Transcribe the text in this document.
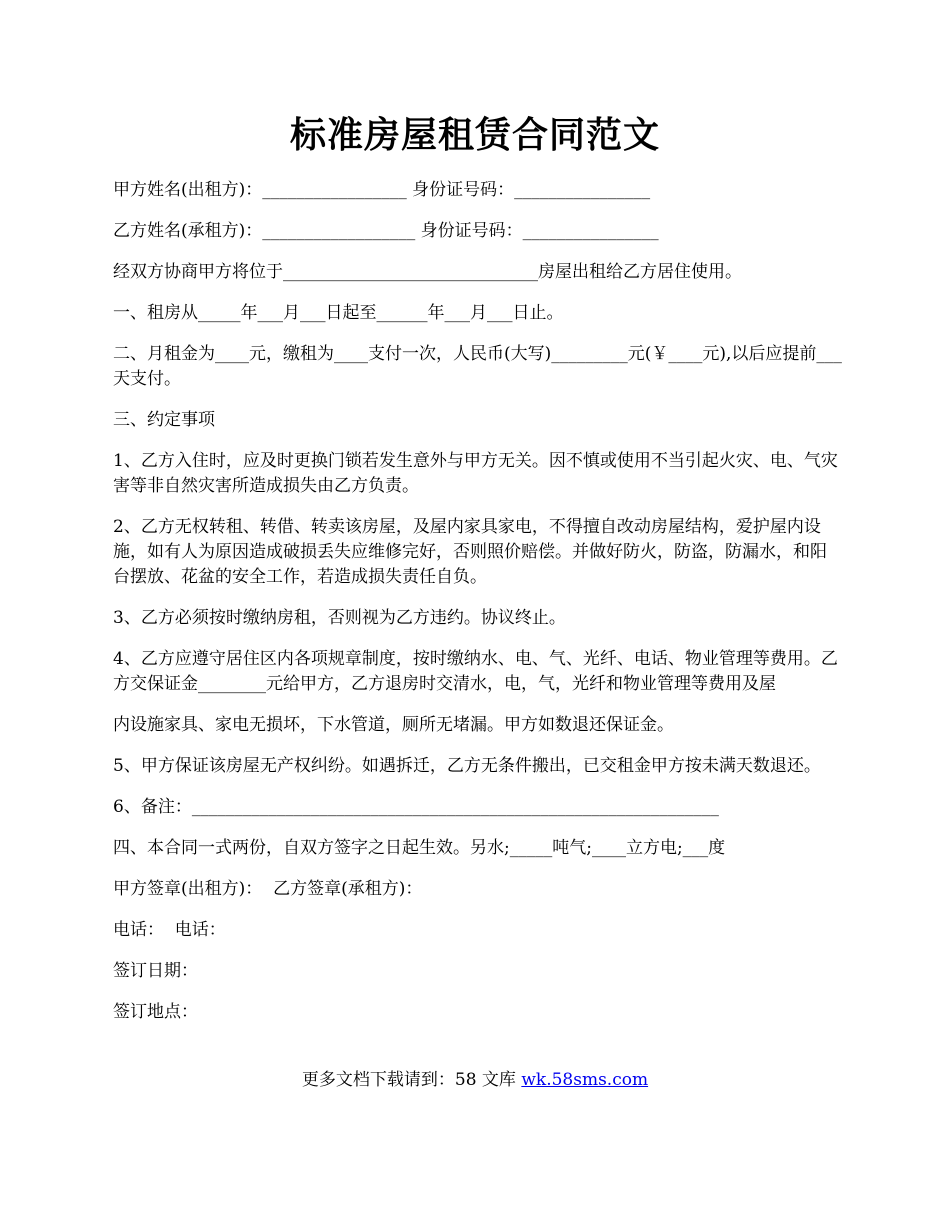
标准房屋租赁合同范文

甲方姓名(出租方)：_________________ 身份证号码：________________

乙方姓名(承租方)：__________________ 身份证号码：________________

经双方协商甲方将位于______________________________房屋出租给乙方居住使用。

一、租房从_____年___月___日起至______年___月___日止。

二、月租金为____元，缴租为____支付一次，人民币(大写)_________元(￥____元),以后应提前___天支付。

三、约定事项

1、乙方入住时，应及时更换门锁若发生意外与甲方无关。因不慎或使用不当引起火灾、电、气灾害等非自然灾害所造成损失由乙方负责。

2、乙方无权转租、转借、转卖该房屋，及屋内家具家电，不得擅自改动房屋结构，爱护屋内设施，如有人为原因造成破损丢失应维修完好，否则照价赔偿。并做好防火，防盗，防漏水，和阳台摆放、花盆的安全工作，若造成损失责任自负。

3、乙方必须按时缴纳房租，否则视为乙方违约。协议终止。

4、乙方应遵守居住区内各项规章制度，按时缴纳水、电、气、光纤、电话、物业管理等费用。乙方交保证金________元给甲方，乙方退房时交清水，电，气，光纤和物业管理等费用及屋

内设施家具、家电无损坏，下水管道，厕所无堵漏。甲方如数退还保证金。

5、甲方保证该房屋无产权纠纷。如遇拆迁，乙方无条件搬出，已交租金甲方按未满天数退还。

6、备注：______________________________________________________________

四、本合同一式两份，自双方签字之日起生效。另水;_____吨气;____立方电;___度

甲方签章(出租方)：  乙方签章(承租方)：

电话：  电话：

签订日期：

签订地点：

更多文档下载请到：58 文库 wk.58sms.com
